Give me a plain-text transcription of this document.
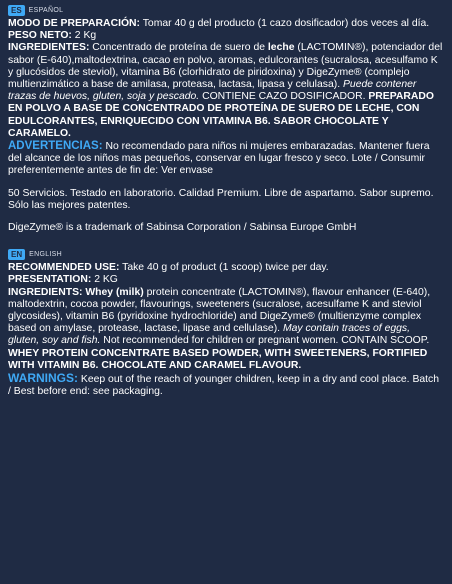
ES	ESPAÑOL

MODO DE PREPARACIÓN: Tomar 40 g del producto (1 cazo dosificador) dos veces al día.

PESO NETO: 2 Kg

INGREDIENTES: Concentrado de proteína de suero de leche (LACTOMIN®), potenciador del sabor (E-640),maltodextrina, cacao en polvo, aromas, edulcorantes (sucralosa, acesulfamo K y glucósidos de steviol), vitamina B6 (clorhidrato de piridoxina) y DigeZyme® (complejo multienzimático a base de amilasa, proteasa, lactasa, lipasa y celulasa). Puede contener trazas de huevos, gluten, soja y pescado. CONTIENE CAZO DOSIFICADOR. PREPARADO EN POLVO A BASE DE CONCENTRADO DE PROTEÍNA DE SUERO DE LECHE, CON EDULCORANTES, ENRIQUECIDO CON VITAMINA B6. SABOR CHOCOLATE Y CARAMELO.

ADVERTENCIAS: No recomendado para niños ni mujeres embarazadas. Mantener fuera del alcance de los niños mas pequeños, conservar en lugar fresco y seco. Lote / Consumir preferentemente antes de fin de: Ver envase

50 Servicios. Testado en laboratorio. Calidad Premium. Libre de aspartamo. Sabor supremo. Sólo las mejores patentes.

DigeZyme® is a trademark of Sabinsa Corporation / Sabinsa Europe GmbH

EN	ENGLISH

RECOMMENDED USE: Take 40 g of product (1 scoop) twice per day.

PRESENTATION: 2 KG

INGREDIENTS: Whey (milk) protein concentrate (LACTOMIN®), flavour enhancer (E-640), maltodextrin, cocoa powder, flavourings, sweeteners (sucralose, acesulfame K and steviol glycosides), vitamin B6 (pyridoxine hydrochloride) and DigeZyme® (multienzyme complex based on amylase, protease, lactase, lipase and cellulase). May contain traces of eggs, gluten, soy and fish. Not recommended for children or pregnant women. CONTAIN SCOOP.

WHEY PROTEIN CONCENTRATE BASED POWDER, WITH SWEETENERS, FORTIFIED WITH VITAMIN B6. CHOCOLATE AND CARAMEL FLAVOUR.

WARNINGS: Keep out of the reach of younger children, keep in a dry and cool place. Batch / Best before end: see packaging.
